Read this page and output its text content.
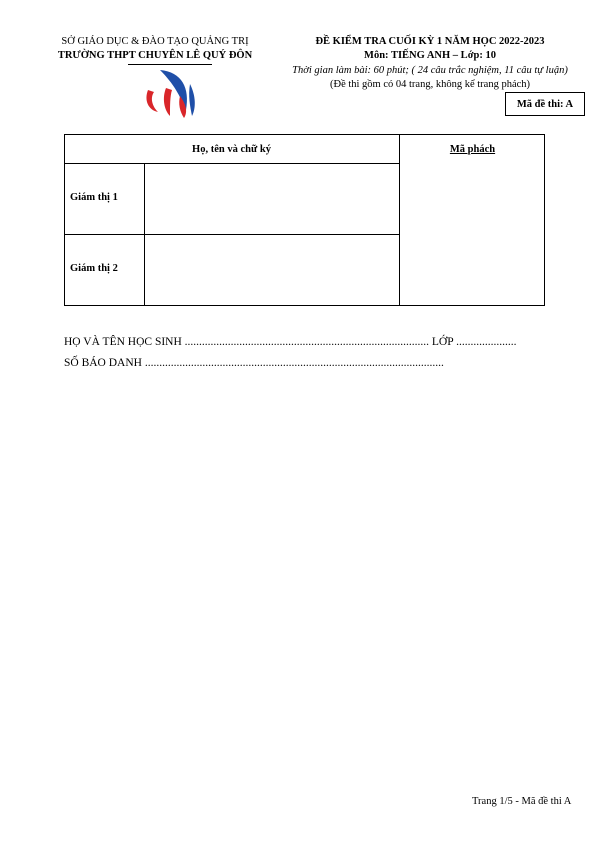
SỞ GIÁO DỤC & ĐÀO TẠO QUẢNG TRỊ
TRƯỜNG THPT CHUYÊN LÊ QUÝ ĐÔN
ĐỀ KIỂM TRA CUỐI KỲ 1 NĂM HỌC 2022-2023
Môn: TIẾNG ANH – Lớp: 10
Thời gian làm bài: 60 phút; ( 24 câu trắc nghiệm, 11 câu tự luận)
(Đề thi gồm có 04 trang, không kể trang phách)
Mã đề thi: A
Họ, tên và chữ ký	Mã phách
Giám thị 1
Giám thị 2
HỌ VÀ TÊN HỌC SINH ..................................................................................... LỚP .....................
SỐ BÁO DANH ........................................................................................................
Trang 1/5 - Mã đề thi A
